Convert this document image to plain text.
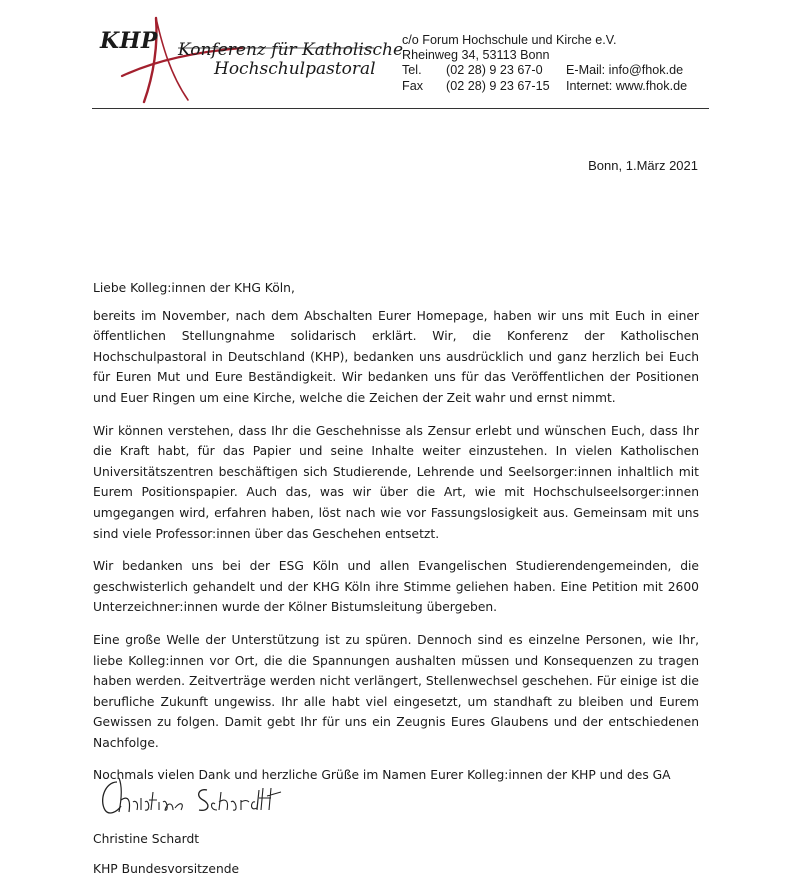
KHP Konferenz für Katholische
Hochschulpastoral
c/o Forum Hochschule und Kirche e.V.
Rheinweg 34, 53113 Bonn
Tel. (02 28) 9 23 67-0 E-Mail: info@fhok.de
Fax (02 28) 9 23 67-15 Internet: www.fhok.de
Bonn, 1.März 2021

Liebe Kolleg:innen der KHG Köln,

bereits im November, nach dem Abschalten Eurer Homepage, haben wir uns mit Euch in einer öffentlichen Stellungnahme solidarisch erklärt. Wir, die Konferenz der Katholischen Hochschulpastoral in Deutschland (KHP), bedanken uns ausdrücklich und ganz herzlich bei Euch für Euren Mut und Eure Beständigkeit. Wir bedanken uns für das Veröffentlichen der Positionen und Euer Ringen um eine Kirche, welche die Zeichen der Zeit wahr und ernst nimmt.

Wir können verstehen, dass Ihr die Geschehnisse als Zensur erlebt und wünschen Euch, dass Ihr die Kraft habt, für das Papier und seine Inhalte weiter einzustehen. In vielen Katholischen Universitätszentren beschäftigen sich Studierende, Lehrende und Seelsorger:innen inhaltlich mit Eurem Positionspapier. Auch das, was wir über die Art, wie mit Hochschulseelsorger:innen umgegangen wird, erfahren haben, löst nach wie vor Fassungslosigkeit aus. Gemeinsam mit uns sind viele Professor:innen über das Geschehen entsetzt.

Wir bedanken uns bei der ESG Köln und allen Evangelischen Studierendengemeinden, die geschwisterlich gehandelt und der KHG Köln ihre Stimme geliehen haben. Eine Petition mit 2600 Unterzeichner:innen wurde der Kölner Bistumsleitung übergeben.

Eine große Welle der Unterstützung ist zu spüren. Dennoch sind es einzelne Personen, wie Ihr, liebe Kolleg:innen vor Ort, die die Spannungen aushalten müssen und Konsequenzen zu tragen haben werden. Zeitverträge werden nicht verlängert, Stellenwechsel geschehen. Für einige ist die berufliche Zukunft ungewiss. Ihr alle habt viel eingesetzt, um standhaft zu bleiben und Eurem Gewissen zu folgen. Damit gebt Ihr für uns ein Zeugnis Eures Glaubens und der entschiedenen Nachfolge.

Nochmals vielen Dank und herzliche Grüße im Namen Eurer Kolleg:innen der KHP und des GA

Christine Schardt
KHP Bundesvorsitzende
